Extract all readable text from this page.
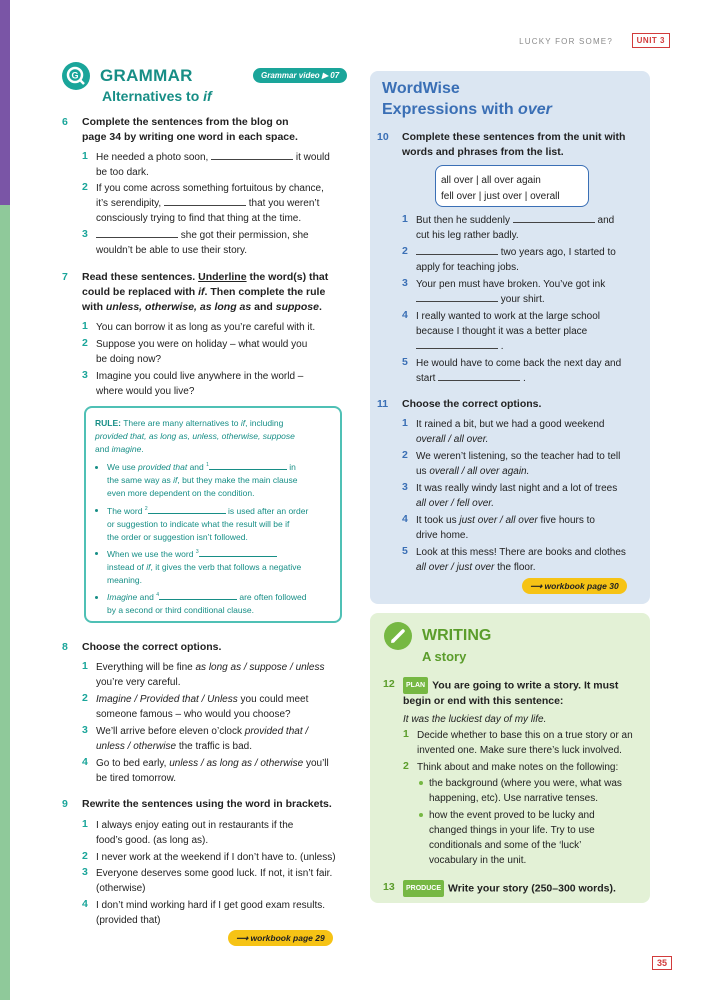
LUCKY FOR SOME?	UNIT 3
G GRAMMAR
Alternatives to if
Grammar video ▶ 07
6 Complete the sentences from the blog on
page 34 by writing one word in each space.
1 He needed a photo soon,	it would
be too dark.
2 If you come across something fortuitous by chance,
it’s serendipity,	that you weren’t
consciously trying to find that thing at the time.
3	she got their permission, she
wouldn’t be able to use their story.
7 Read these sentences. Underline the word(s) that
could be replaced with if. Then complete the rule
with unless, otherwise, as long as and suppose.
1 You can borrow it as long as you’re careful with it.
2 Suppose you were on holiday – what would you
be doing now?
3 Imagine you could live anywhere in the world –
where would you live?
RULE: There are many alternatives to if, including
provided that, as long as, unless, otherwise, suppose
and imagine.
We use provided that and $^1$	in
the same way as if, but they make the main clause
even more dependent on the condition.
The word $^2$	is used after an order
or suggestion to indicate what the result will be if
the order or suggestion isn’t followed.
When we use the word $^3$
instead of if, it gives the verb that follows a negative
meaning.
Imagine and $^4$	are often followed
by a second or third conditional clause.
8 Choose the correct options.
1 Everything will be fine as long as / suppose / unless
you’re very careful.
2 Imagine / Provided that / Unless you could meet
someone famous – who would you choose?
3 We’ll arrive before eleven o’clock provided that /
unless / otherwise the traffic is bad.
4 Go to bed early, unless / as long as / otherwise you’ll
be tired tomorrow.
9 Rewrite the sentences using the word in brackets.
1 I always enjoy eating out in restaurants if the
food’s good. (as long as).
2 I never work at the weekend if I don’t have to. (unless)
3 Everyone deserves some good luck. If not, it isn’t fair.
(otherwise)
4 I don’t mind working hard if I get good exam results.
(provided that)
⟶ workbook page 29
WordWise
Expressions with over
10 Complete these sentences from the unit with
words and phrases from the list.
all over | all over again
fell over | just over | overall
1 But then he suddenly	and
cut his leg rather badly.
2	two years ago, I started to
apply for teaching jobs.
3 Your pen must have broken. You’ve got ink
your shirt.
4 I really wanted to work at the large school
because I thought it was a better place
.
5 He would have to come back the next day and
start	.
11 Choose the correct options.
1 It rained a bit, but we had a good weekend
overall / all over.
2 We weren’t listening, so the teacher had to tell
us overall / all over again.
3 It was really windy last night and a lot of trees
all over / fell over.
4 It took us just over / all over five hours to
drive home.
5 Look at this mess! There are books and clothes
all over / just over the floor.
⟶ workbook page 30
WRITING
A story
12	PLAN You are going to write a story. It must
begin or end with this sentence:
It was the luckiest day of my life.
1 Decide whether to base this on a true story or an
invented one. Make sure there’s luck involved.
2 Think about and make notes on the following:
the background (where you were, what was
happening, etc). Use narrative tenses.
how the event proved to be lucky and
changed things in your life. Try to use
conditionals and some of the ‘luck’
vocabulary in the unit.
13	PRODUCE Write your story (250–300 words).
35
